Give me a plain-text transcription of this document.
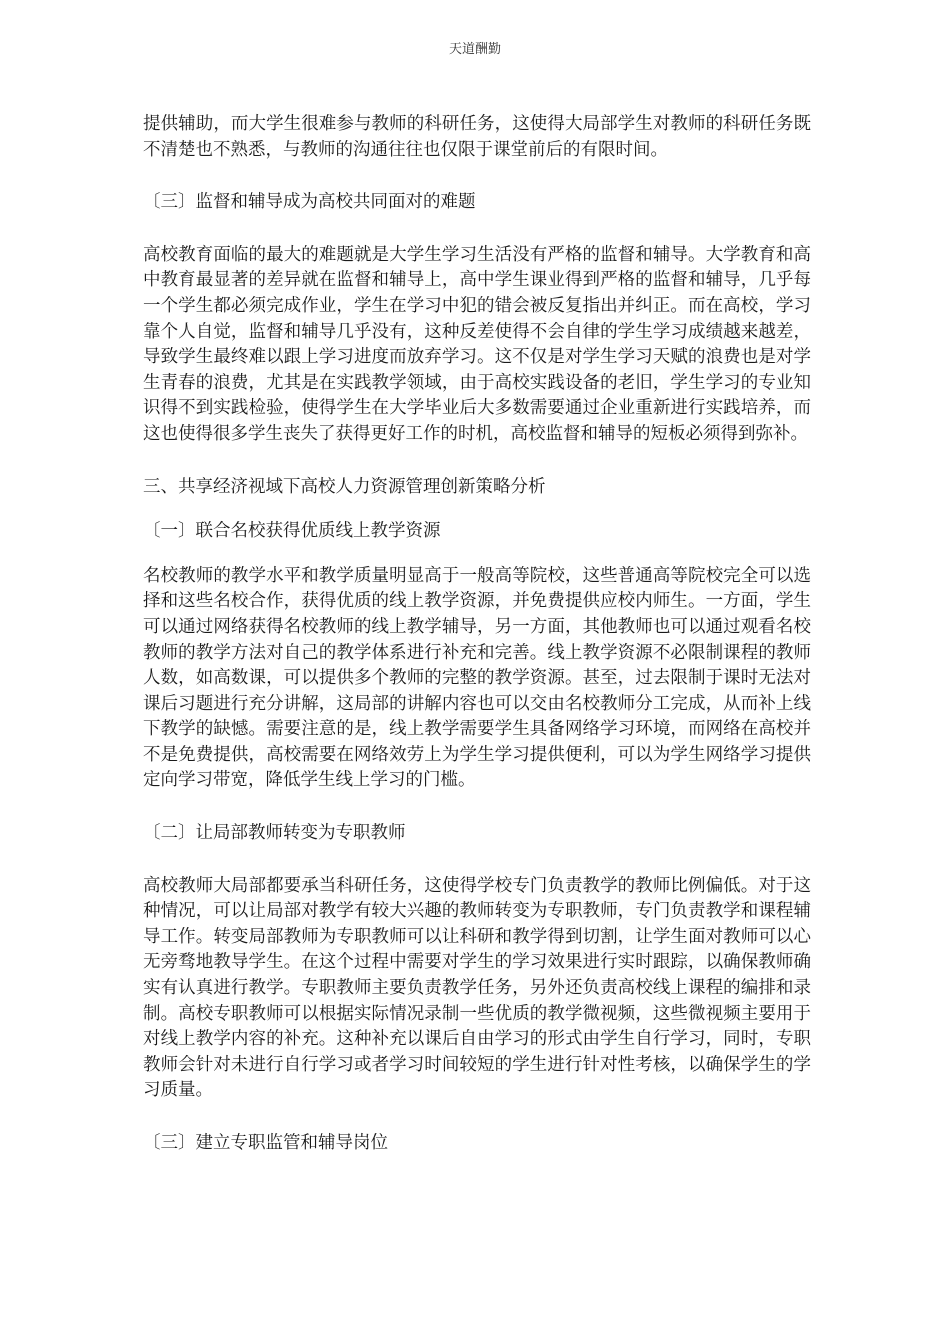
天道酬勤

提供辅助，而大学生很难参与教师的科研任务，这使得大局部学生对教师的科研任务既不清楚也不熟悉，与教师的沟通往往也仅限于课堂前后的有限时间。

〔三〕监督和辅导成为高校共同面对的难题

高校教育面临的最大的难题就是大学生学习生活没有严格的监督和辅导。大学教育和高中教育最显著的差异就在监督和辅导上，高中学生课业得到严格的监督和辅导，几乎每一个学生都必须完成作业，学生在学习中犯的错会被反复指出并纠正。而在高校，学习靠个人自觉，监督和辅导几乎没有，这种反差使得不会自律的学生学习成绩越来越差，导致学生最终难以跟上学习进度而放弃学习。这不仅是对学生学习天赋的浪费也是对学生青春的浪费，尤其是在实践教学领域，由于高校实践设备的老旧，学生学习的专业知识得不到实践检验，使得学生在大学毕业后大多数需要通过企业重新进行实践培养，而这也使得很多学生丧失了获得更好工作的时机，高校监督和辅导的短板必须得到弥补。

三、共享经济视域下高校人力资源管理创新策略分析

〔一〕联合名校获得优质线上教学资源

名校教师的教学水平和教学质量明显高于一般高等院校，这些普通高等院校完全可以选择和这些名校合作，获得优质的线上教学资源，并免费提供应校内师生。一方面，学生可以通过网络获得名校教师的线上教学辅导，另一方面，其他教师也可以通过观看名校教师的教学方法对自己的教学体系进行补充和完善。线上教学资源不必限制课程的教师人数，如高数课，可以提供多个教师的完整的教学资源。甚至，过去限制于课时无法对课后习题进行充分讲解，这局部的讲解内容也可以交由名校教师分工完成，从而补上线下教学的缺憾。需要注意的是，线上教学需要学生具备网络学习环境，而网络在高校并不是免费提供，高校需要在网络效劳上为学生学习提供便利，可以为学生网络学习提供定向学习带宽，降低学生线上学习的门槛。

〔二〕让局部教师转变为专职教师

高校教师大局部都要承当科研任务，这使得学校专门负责教学的教师比例偏低。对于这种情况，可以让局部对教学有较大兴趣的教师转变为专职教师，专门负责教学和课程辅导工作。转变局部教师为专职教师可以让科研和教学得到切割，让学生面对教师可以心无旁骛地教导学生。在这个过程中需要对学生的学习效果进行实时跟踪，以确保教师确实有认真进行教学。专职教师主要负责教学任务，另外还负责高校线上课程的编排和录制。高校专职教师可以根据实际情况录制一些优质的教学微视频，这些微视频主要用于对线上教学内容的补充。这种补充以课后自由学习的形式由学生自行学习，同时，专职教师会针对未进行自行学习或者学习时间较短的学生进行针对性考核，以确保学生的学习质量。

〔三〕建立专职监管和辅导岗位
